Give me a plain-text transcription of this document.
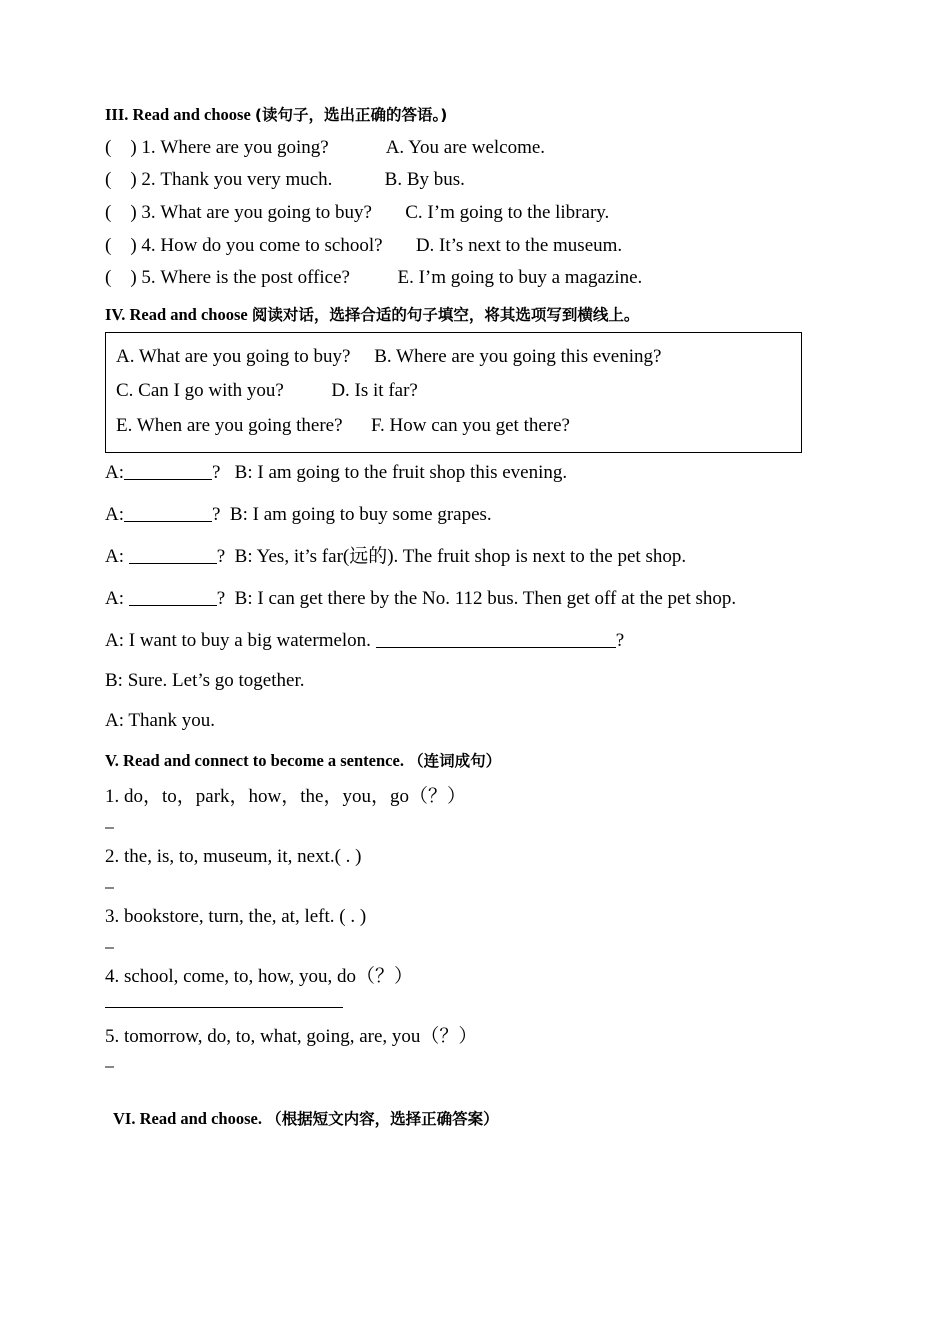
III. Read and choose (读句子，选出正确的答语。)
(    ) 1. Where are you going?	A. You are welcome.
(    ) 2. Thank you very much.	B. By bus.
(    ) 3. What are you going to buy? C. I’m going to the library.
(    ) 4. How do you come to school? D. It’s next to the museum.
(    ) 5. Where is the post office?	E. I’m going to buy a magazine.
IV. Read and choose 阅读对话，选择合适的句子填空，将其选项写到横线上。
A. What are you going to buy?     B. Where are you going this evening?
C. Can I go with you?          D. Is it far?
E. When are you going there?      F. How can you get there?
A:	?   B: I am going to the fruit shop this evening.
A:	?  B: I am going to buy some grapes.
A:	?  B: Yes, it’s far(远的). The fruit shop is next to the pet shop.
A:	?  B: I can get there by the No. 112 bus. Then get off at the pet shop.
A: I want to buy a big watermelon.	?
B: Sure. Let’s go together.
A: Thank you.
V. Read and connect to become a sentence. （连词成句）
1. do，to，park，how，the，you，go（？）
2. the, is, to, museum, it, next.( . )
3. bookstore, turn, the, at, left. ( . )
4. school, come, to, how, you, do（？）
5. tomorrow, do, to, what, going, are, you（？）
VI. Read and choose. （根据短文内容，选择正确答案）
